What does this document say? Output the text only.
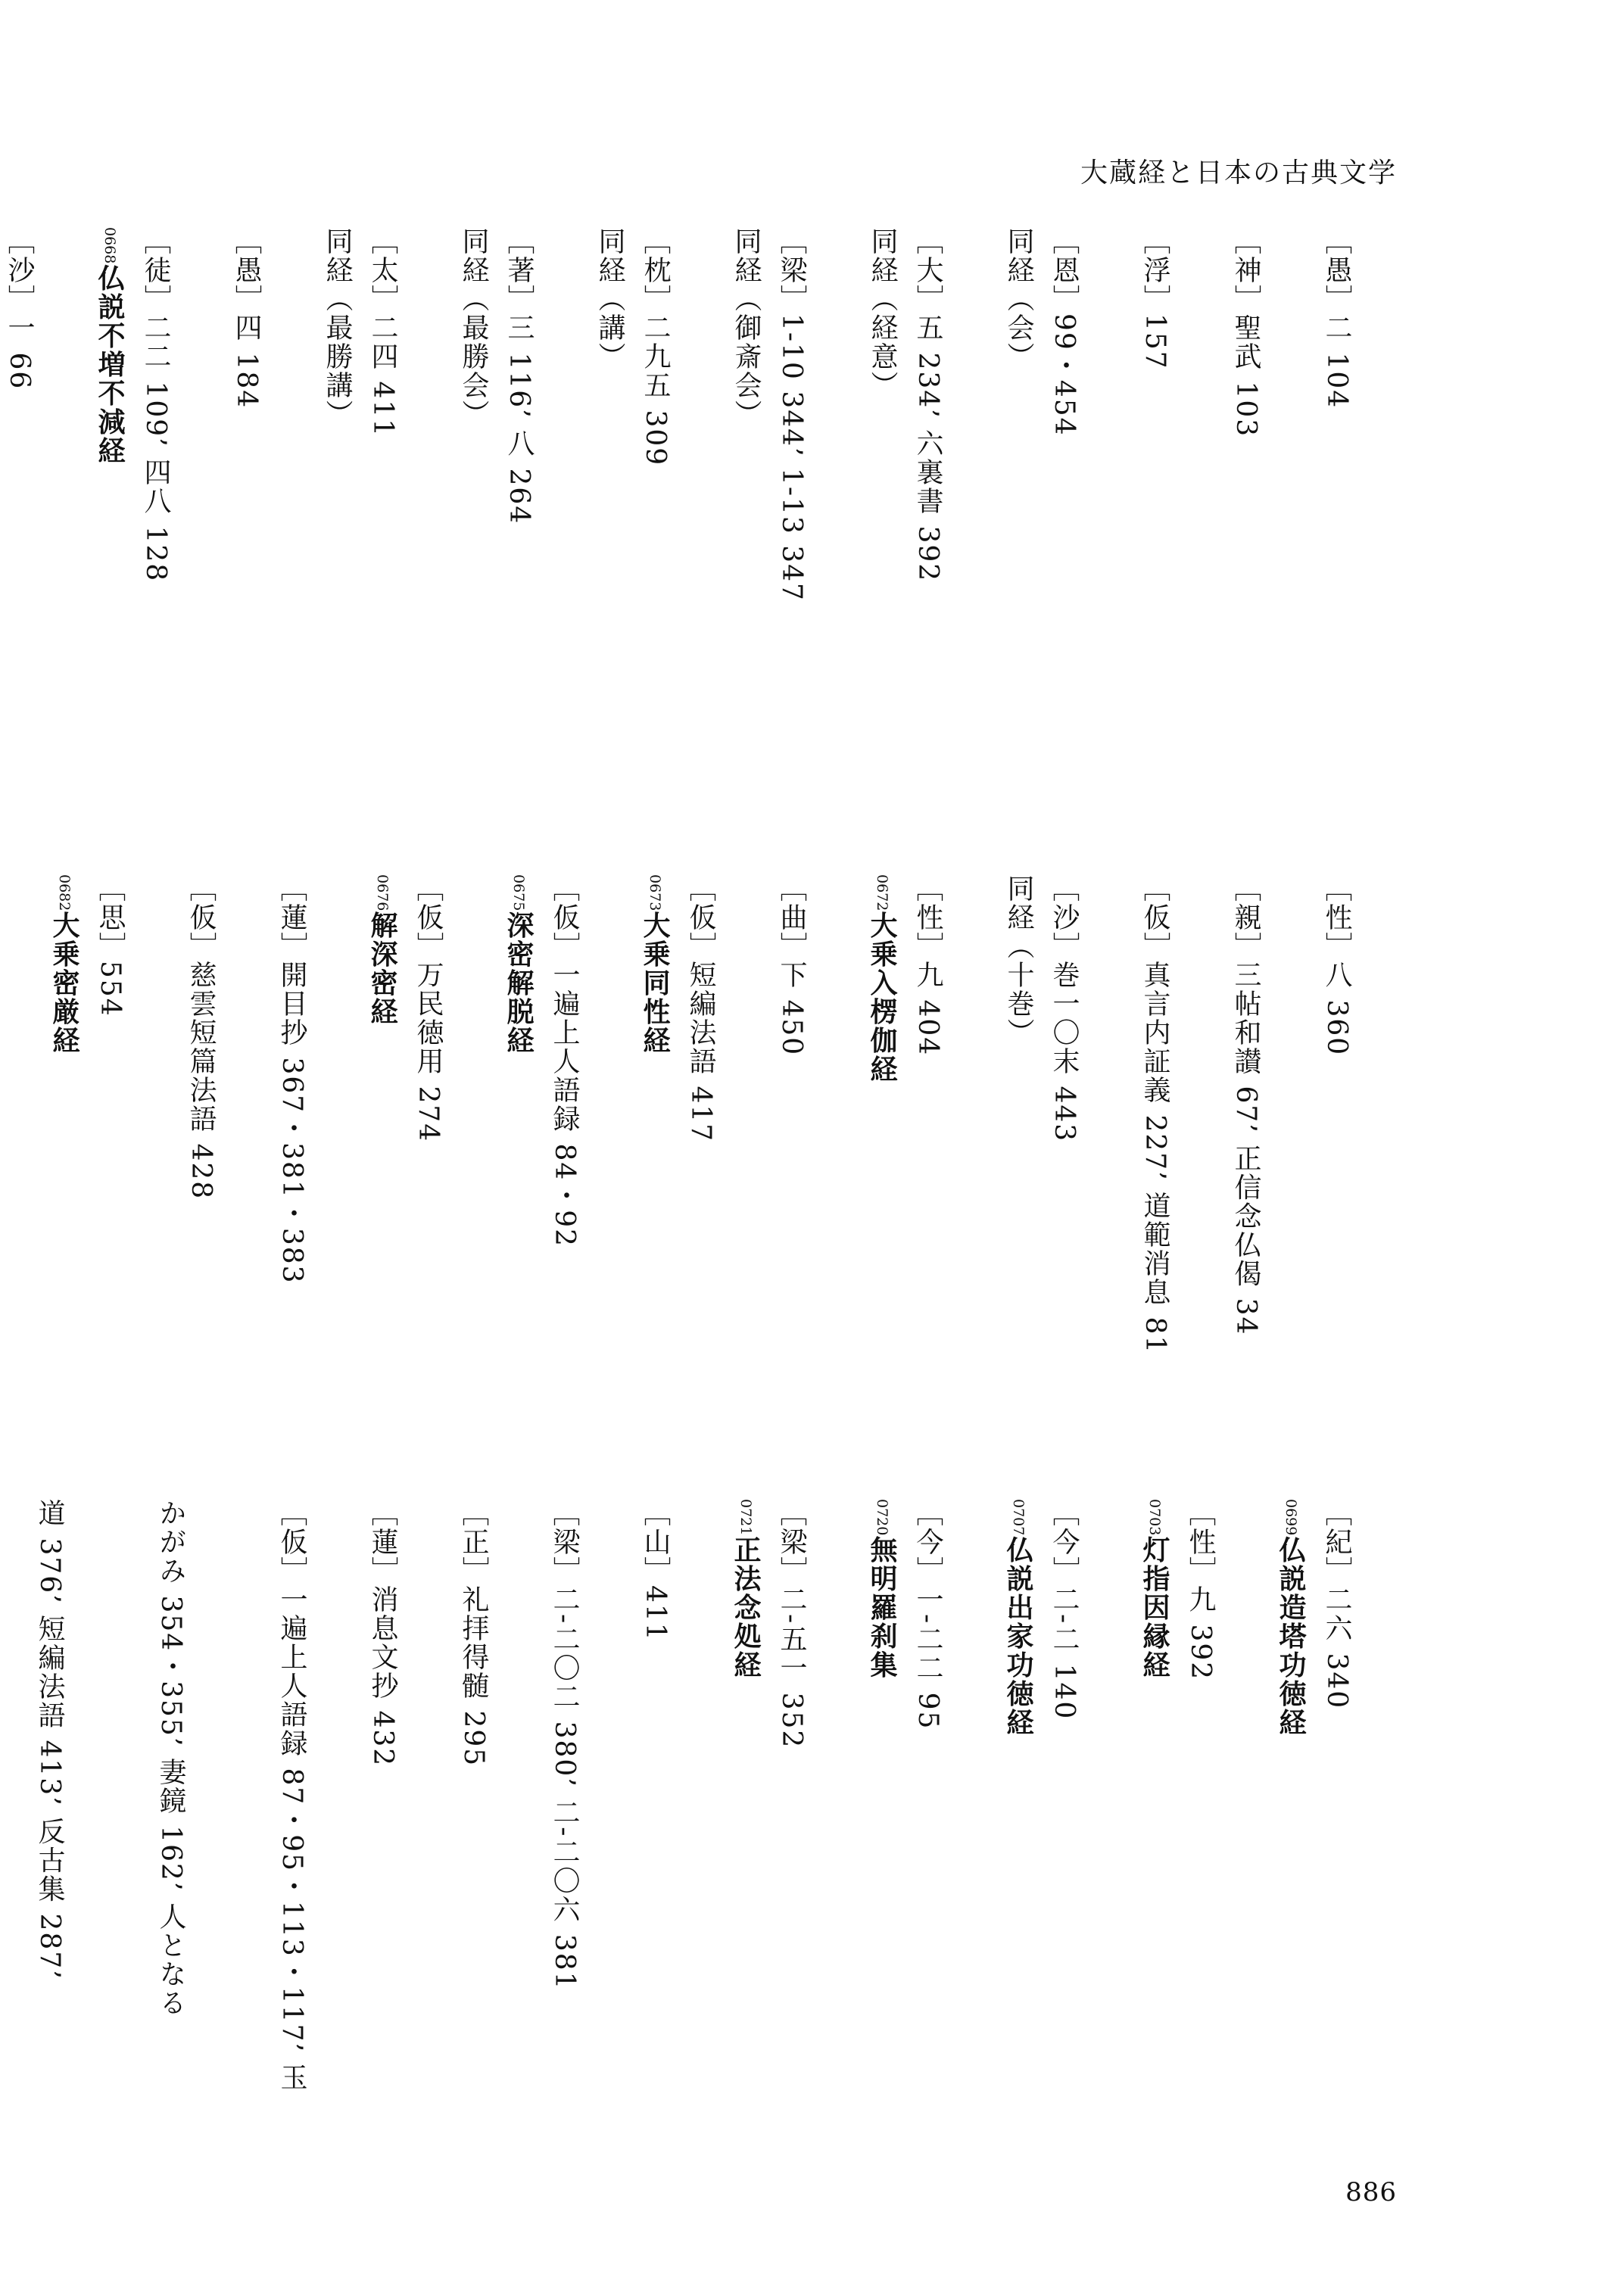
大蔵経と日本の古典文学
［愚］二 104
［神］聖武 103
［浮］157
［恩］99・454
同経（会）
［大］五 234’ 六裏書 392
同経（経意）
［梁］1-10 344’ 1-13 347
同経（御斎会）
［枕］二九五 309
同経（講）
［著］三 116’ 八 264
同経（最勝会）
［太］二四 411
同経（最勝講）
［愚］四 184
［徒］二二 109’ 四八 128
0668仏説不増不減経
［沙］一 66
［性］八 360
［親］三帖和讃 67’ 正信念仏偈 34
［仮］真言内証義 227’ 道範消息 81
［沙］巻一〇末 443
同経（十巻）
［性］九 404
0672大乗入楞伽経
［曲］下 450
［仮］短編法語 417
0673大乗同性経
［仮］一遍上人語録 84・92
0675深密解脱経
［仮］万民徳用 274
0676解深密経
［蓮］開目抄 367・381・383
［仮］慈雲短篇法語 428
［思］554
0682大乗密厳経
［紀］二六 340
0699仏説造塔功徳経
［性］九 392
0703灯指因縁経
［今］二-二 140
0707仏説出家功徳経
［今］一-二二 95
0720無明羅刹集
［梁］二-五一 352
0721正法念処経
［山］411
［梁］二-二〇二 380’ 二-二〇六 381
［正］礼拝得髄 295
［蓮］消息文抄 432
［仮］一遍上人語録 87・95・113・117’ 玉
かがみ 354・355’ 妻鏡 162’ 人となる
道 376’ 短編法語 413’ 反古集 287’
886
